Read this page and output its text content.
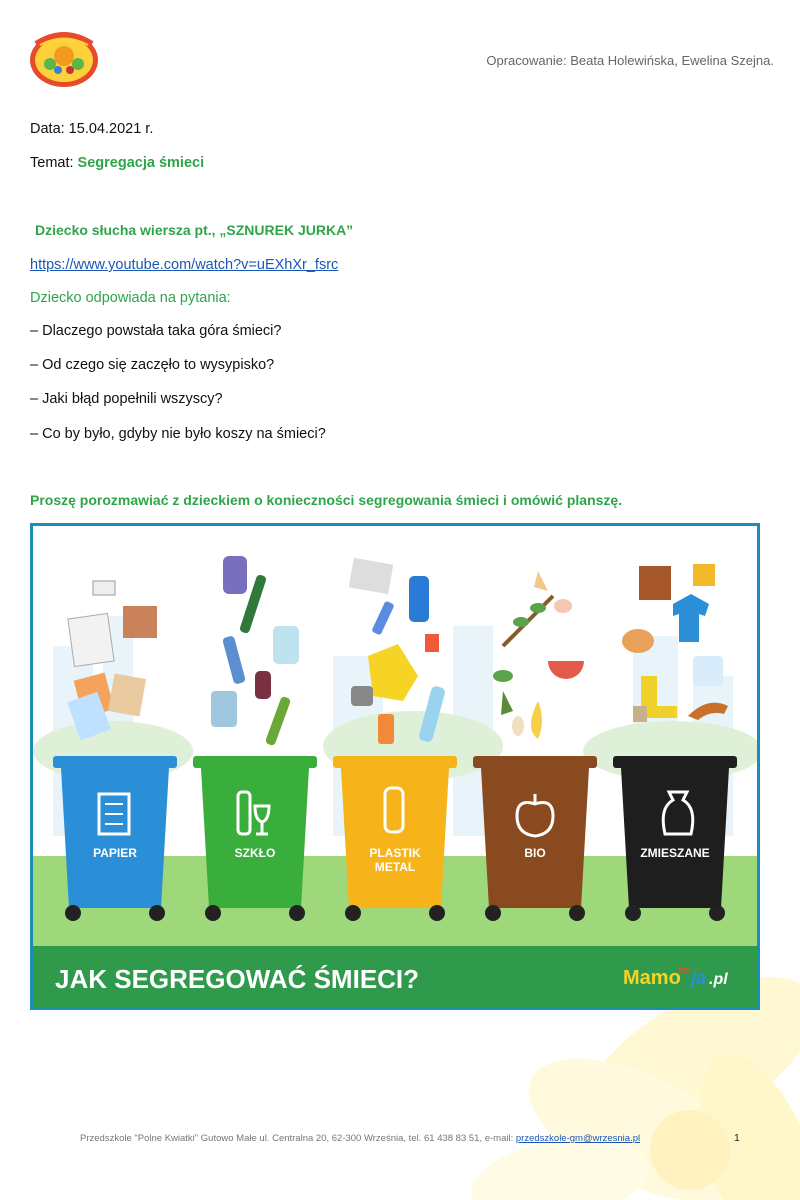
Opracowanie: Beata Holewińska, Ewelina Szejna.
Data: 15.04.2021 r.
Temat: Segregacja śmieci
Dziecko słucha wiersza pt., „SZNUREK JURKA”
https://www.youtube.com/watch?v=uEXhXr_fsrc
Dziecko odpowiada na pytania:
– Dlaczego powstała taka góra śmieci?
– Od czego się zaczęło to wysypisko?
– Jaki błąd popełnili wszyscy?
– Co by było, gdyby nie było koszy na śmieci?
Proszę porozmawiać z dzieckiem o konieczności segregowania śmieci i omówić planszę.
PAPIER	SZKŁO	PLASTIK
METAL
BIO	ZMIESZANE
JAK SEGREGOWAĆ ŚMIECI?	Mamo
to ja .pl
Przedszkole "Polne Kwiatki" Gutowo Małe ul. Centralna 20, 62-300 Września, tel. 61 438 83 51, e-mail: przedszkole-gm@wrzesnia.pl	1
